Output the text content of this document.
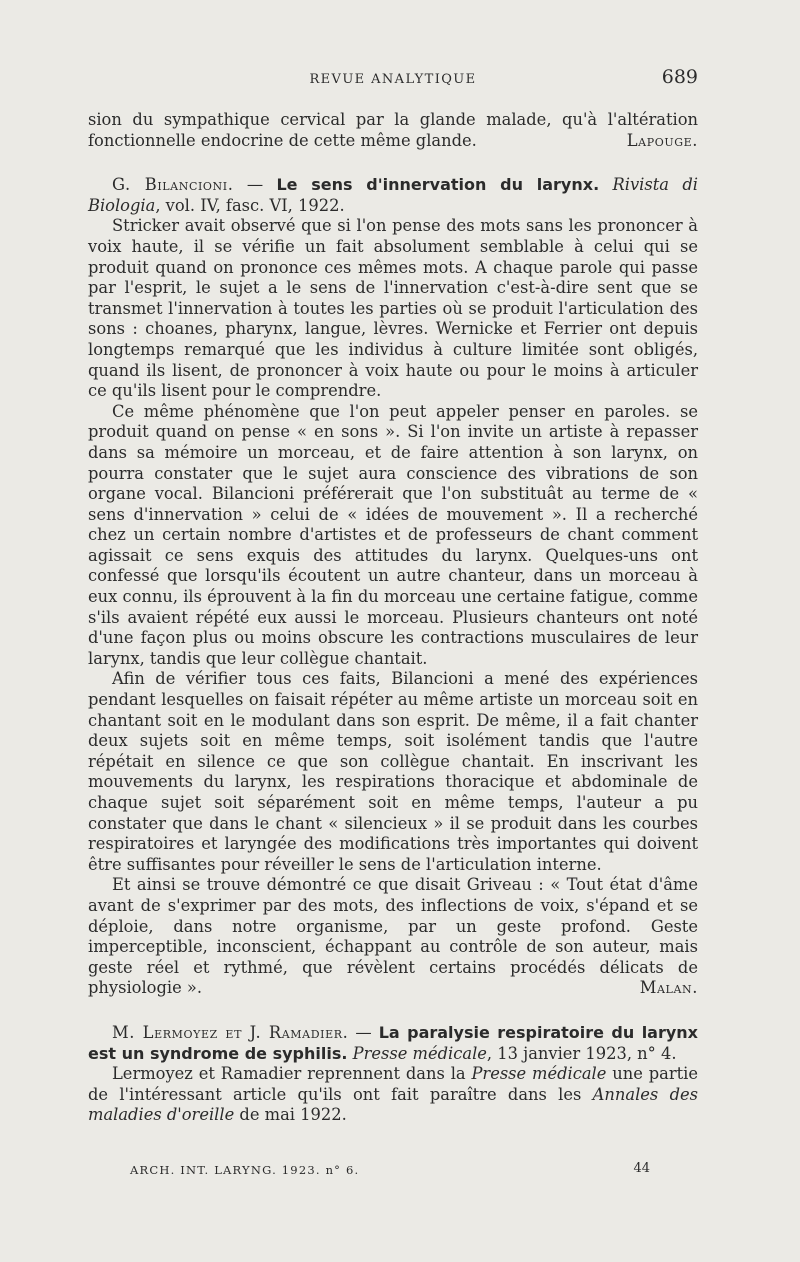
REVUE ANALYTIQUE	689

sion du sympathique cervical par la glande malade, qu'à l'altération fonctionnelle endocrine de cette même glande.	Lapouge.

G. Bilancioni. — Le sens d'innervation du larynx. Rivista di Biologia, vol. IV, fasc. VI, 1922.

Stricker avait observé que si l'on pense des mots sans les prononcer à voix haute, il se vérifie un fait absolument semblable à celui qui se produit quand on prononce ces mêmes mots. A chaque parole qui passe par l'esprit, le sujet a le sens de l'innervation c'est-à-dire sent que se transmet l'innervation à toutes les parties où se produit l'articulation des sons : choanes, pharynx, langue, lèvres. Wernicke et Ferrier ont depuis longtemps remarqué que les individus à culture limitée sont obligés, quand ils lisent, de prononcer à voix haute ou pour le moins à articuler ce qu'ils lisent pour le comprendre.

Ce même phénomène que l'on peut appeler penser en paroles. se produit quand on pense « en sons ». Si l'on invite un artiste à repasser dans sa mémoire un morceau, et de faire attention à son larynx, on pourra constater que le sujet aura conscience des vibrations de son organe vocal. Bilancioni préférerait que l'on substituât au terme de « sens d'innervation » celui de « idées de mouvement ». Il a recherché chez un certain nombre d'artistes et de professeurs de chant comment agissait ce sens exquis des attitudes du larynx. Quelques-uns ont confessé que lorsqu'ils écoutent un autre chanteur, dans un morceau à eux connu, ils éprouvent à la fin du morceau une certaine fatigue, comme s'ils avaient répété eux aussi le morceau. Plusieurs chanteurs ont noté d'une façon plus ou moins obscure les contractions musculaires de leur larynx, tandis que leur collègue chantait.

Afin de vérifier tous ces faits, Bilancioni a mené des expériences pendant lesquelles on faisait répéter au même artiste un morceau soit en chantant soit en le modulant dans son esprit. De même, il a fait chanter deux sujets soit en même temps, soit isolément tandis que l'autre répétait en silence ce que son collègue chantait. En inscrivant les mouvements du larynx, les respirations thoracique et abdominale de chaque sujet soit séparément soit en même temps, l'auteur a pu constater que dans le chant « silencieux » il se produit dans les courbes respiratoires et laryngée des modifications très importantes qui doivent être suffisantes pour réveiller le sens de l'articulation interne.

Et ainsi se trouve démontré ce que disait Griveau : « Tout état d'âme avant de s'exprimer par des mots, des inflections de voix, s'épand et se déploie, dans notre organisme, par un geste profond. Geste imperceptible, inconscient, échappant au contrôle de son auteur, mais geste réel et rythmé, que révèlent certains procédés délicats de physiologie ».	Malan.

M. Lermoyez et J. Ramadier. — La paralysie respiratoire du larynx est un syndrome de syphilis. Presse médicale, 13 janvier 1923, n° 4.

Lermoyez et Ramadier reprennent dans la Presse médicale une partie de l'intéressant article qu'ils ont fait paraître dans les Annales des maladies d'oreille de mai 1922.

ARCH. INT. LARYNG. 1923. n° 6.	44
